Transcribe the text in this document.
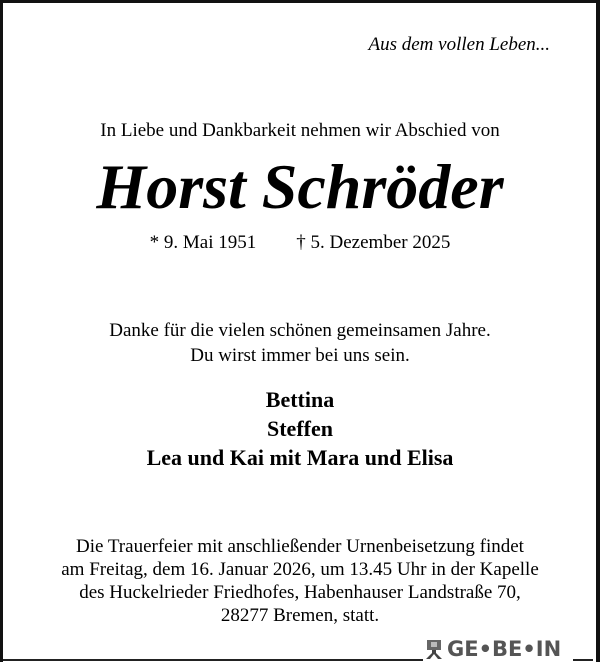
Aus dem vollen Leben...
In Liebe und Dankbarkeit nehmen wir Abschied von
Horst Schröder
* 9. Mai 1951 † 5. Dezember 2025
Danke für die vielen schönen gemeinsamen Jahre.
Du wirst immer bei uns sein.
Bettina
Steffen
Lea und Kai mit Mara und Elisa
Die Trauerfeier mit anschließender Urnenbeisetzung findet
am Freitag, dem 16. Januar 2026, um 13.45 Uhr in der Kapelle
des Huckelrieder Friedhofes, Habenhauser Landstraße 70,
28277 Bremen, statt.
GE•BE•IN
